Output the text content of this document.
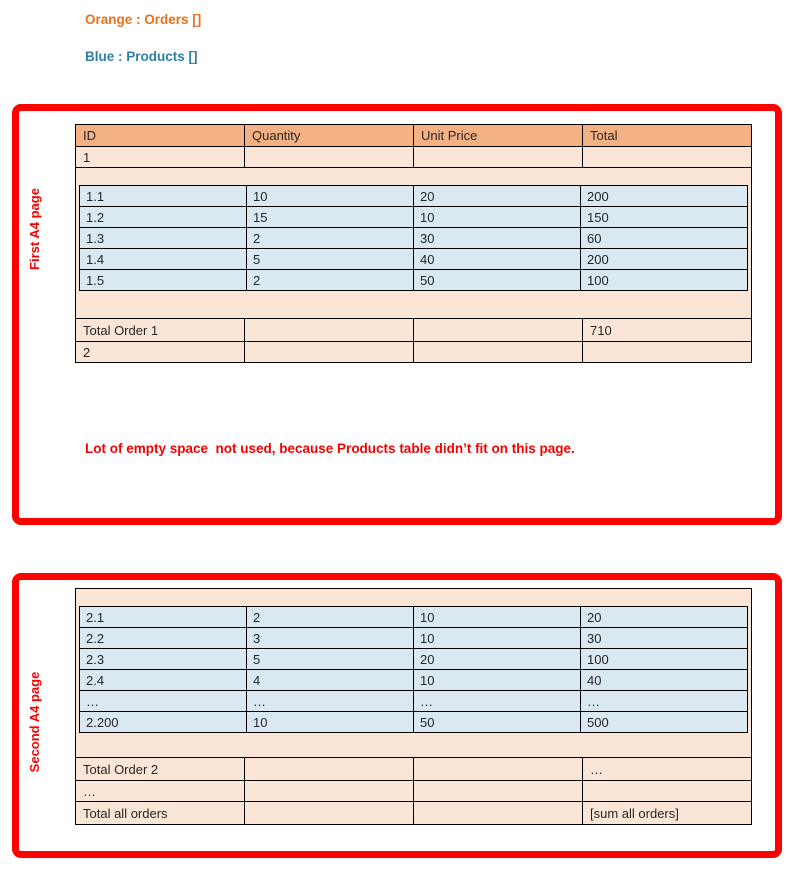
Orange : Orders []
Blue : Products []
First A4 page
ID	Quantity	Unit Price	Total
1			

1.1	10	20	200
1.2	15	10	150
1.3	2	30	60
1.4	5	40	200
1.5	2	50	100

Total Order 1			710
2			
Lot of empty space  not used, because Products table didn’t fit on this page.
Second A4 page
2.1	2	10	20
2.2	3	10	30
2.3	5	20	100
2.4	4	10	40
…	…	…	…
2.200	10	50	500

Total Order 2			…
…			
Total all orders			[sum all orders]
